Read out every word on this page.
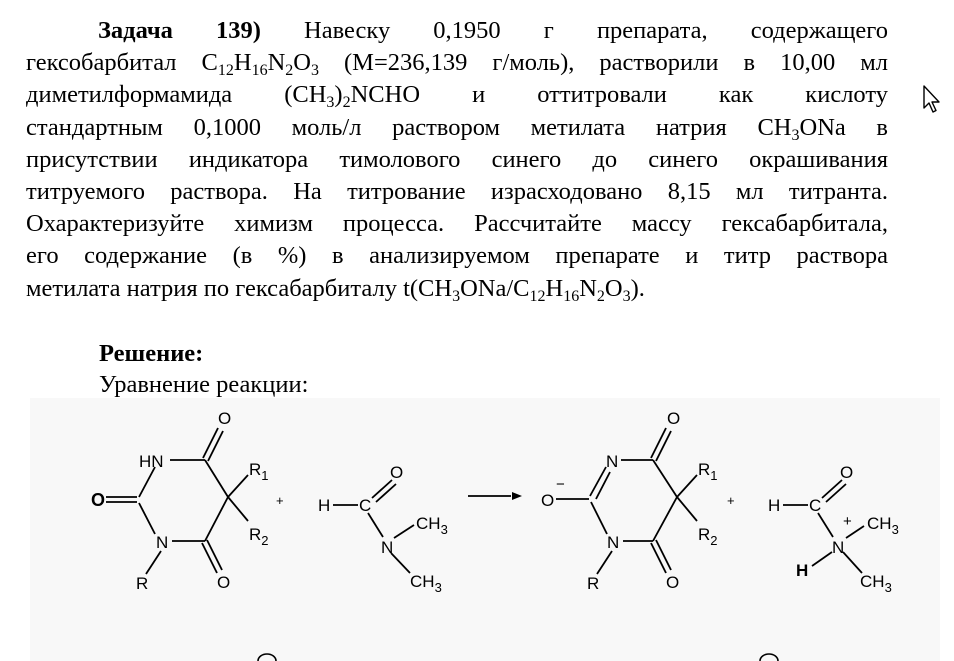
Задача 139) Навеску 0,1950 г препарата, содержащего
гексобарбитал $C_{12}H_{16}N_2O_3$ (M=236,139 г/моль), растворили в 10,00 мл
диметилформамида $(CH_3)_2NCHO$ и оттитровали как кислоту
стандартным 0,1000 моль/л раствором метилата натрия $CH_3ONa$ в
присутствии индикатора тимолового синего до синего окрашивания
титруемого раствора. На титрование израсходовано 8,15 мл титранта.
Охарактеризуйте химизм процесса. Рассчитайте массу гексабарбитала,
его содержание (в %) в анализируемом препарате и титр раствора
метилата натрия по гексабарбиталу $t(CH_3ONa/C_{12}H_{16}N_2O_3)$.
Решение:
Уравнение реакции:
O
HN
O
N
R	O
$R_1$
$R_2$
+ H C
O
N
$CH_3$
$CH_3$
O
N
O
−
N
R	O
$R_1$
$R_2$
+ H C
O
+
N
$CH_3$
H
$CH_3$
